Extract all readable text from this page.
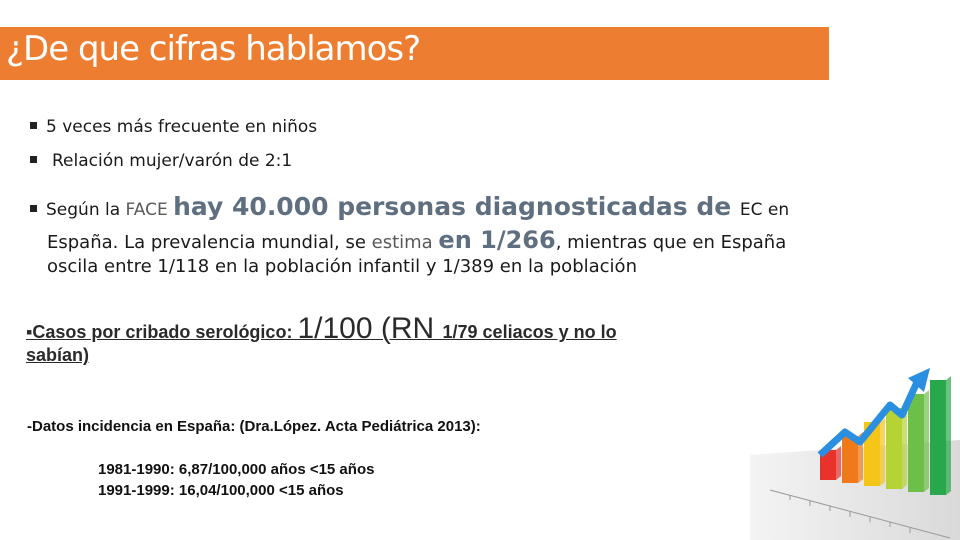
¿De que cifras hablamos?
5 veces más frecuente en niños
Relación mujer/varón de 2:1
Según la FACE hay 40.000 personas diagnosticadas de EC en
España. La prevalencia mundial, se estima en 1/266, mientras que en España
oscila entre 1/118 en la población infantil y 1/389 en la población
▪Casos por cribado serológico: 1/100 (RN 1/79 celiacos y no lo
sabían)
-Datos incidencia en España: (Dra.López. Acta Pediátrica 2013):
1981-1990: 6,87/100,000 años <15 años
1991-1999: 16,04/100,000 <15 años
